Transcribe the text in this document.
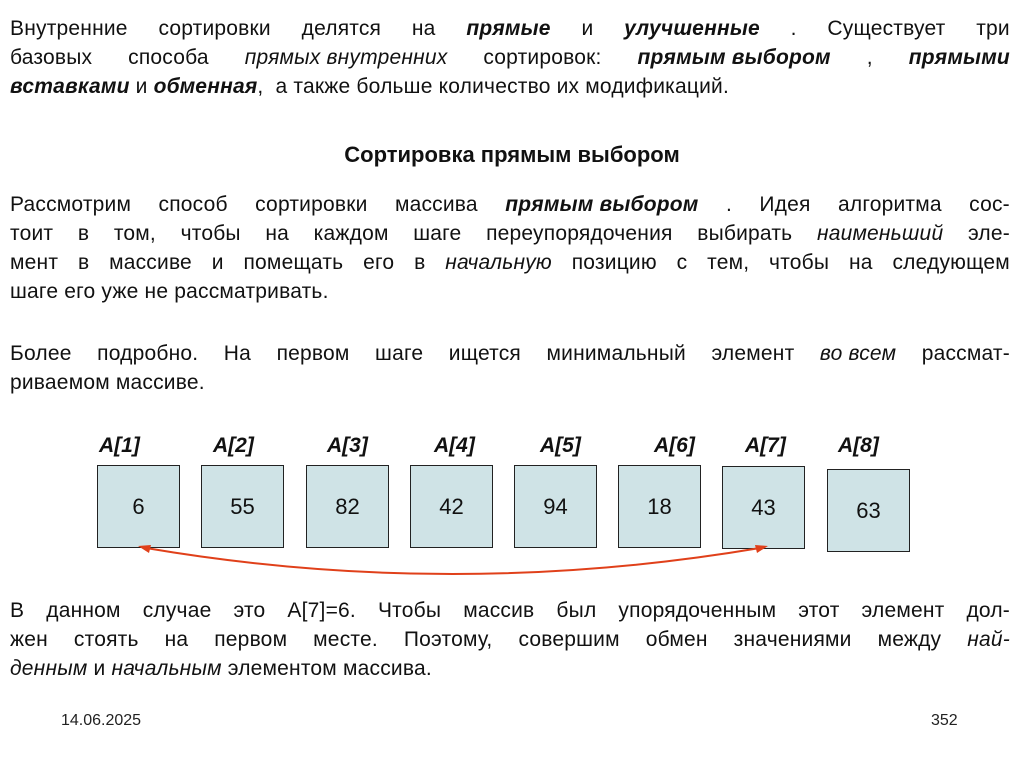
Внутренние сортировки делятся на прямые и улучшенные . Существует три
базовых способа прямых внутренних сортировок: прямым выбором , прямыми
вставками и обменная ,  а также больше количество их модификаций.
Сортировка прямым выбором
Рассмотрим способ сортировки массива прямым выбором . Идея алгоритма сос-
тоит в том, чтобы на каждом шаге переупорядочения выбирать наименьший эле-
мент в массиве и помещать его в начальную позицию с тем, чтобы на следующем
шаге его уже не рассматривать.
Более подробно. На первом шаге ищется минимальный элемент во всем рассмат-
риваемом массиве.
A[1]	A[2]	A[3]	A[4]	A[5]	A[6] A[7] A[8]
6	55	82	42	94	18	43	63
В данном случае это A[7]=6. Чтобы массив был упорядоченным этот элемент дол-
жен стоять на первом месте. Поэтому, совершим обмен значениями между най-
денным и начальным элементом массива.
14.06.2025	352
